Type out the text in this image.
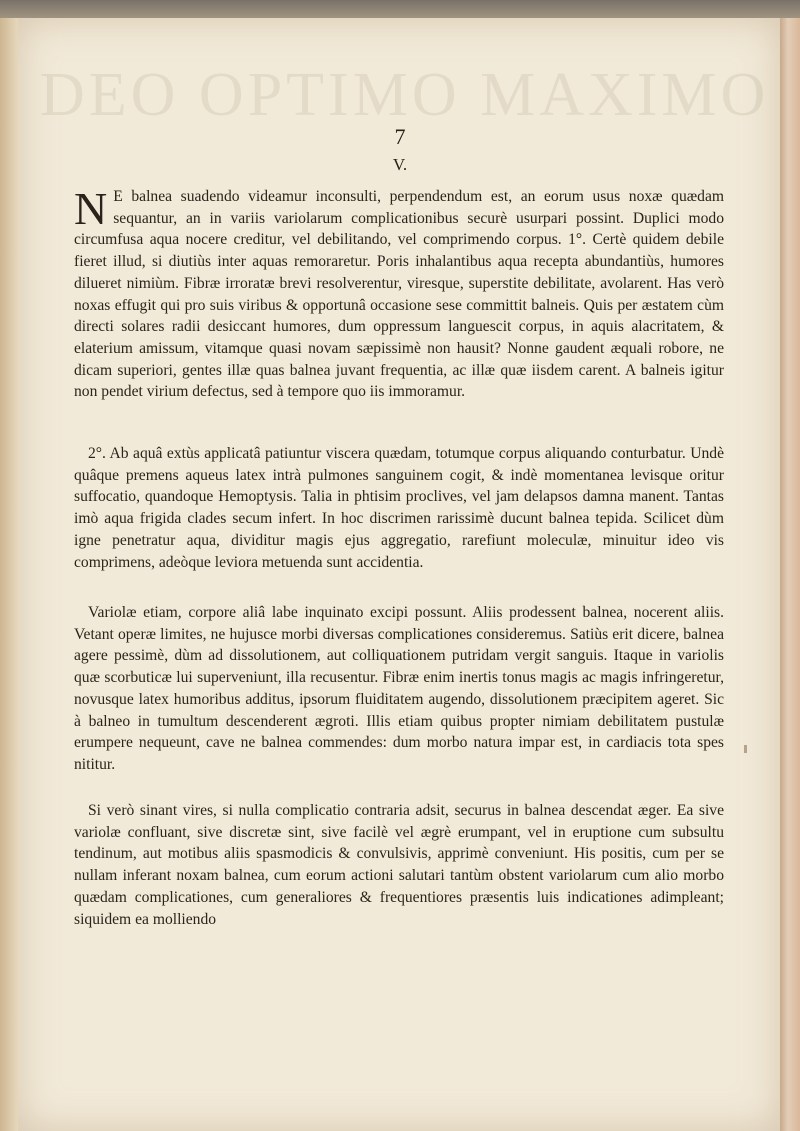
DEO OPTIMO MAXIMO
7
V.

N E balnea suadendo videamur inconsulti, perpendendum est, an eorum usus noxæ quædam sequantur, an in variis variolarum complicationibus securè usurpari possint. Duplici modo circumfusa aqua nocere creditur, vel debilitando, vel comprimendo corpus. 1°. Certè quidem debile fieret illud, si diutiùs inter aquas remoraretur. Poris inhalantibus aqua recepta abundantiùs, humores dilueret nimiùm. Fibræ irroratæ brevi resolverentur, viresque, superstite debilitate, avolarent. Has verò noxas effugit qui pro suis viribus & opportunâ occasione sese committit balneis. Quis per æstatem cùm directi solares radii desiccant humores, dum oppressum languescit corpus, in aquis alacritatem, & elaterium amissum, vitamque quasi novam sæpissimè non hausit? Nonne gaudent æquali robore, ne dicam superiori, gentes illæ quas balnea juvant frequentia, ac illæ quæ iisdem carent. A balneis igitur non pendet virium defectus, sed à tempore quo iis immoramur.

2°. Ab aquâ extùs applicatâ patiuntur viscera quædam, totumque corpus aliquando conturbatur. Undè quâque premens aqueus latex intrà pulmones sanguinem cogit, & indè momentanea levisque oritur suffocatio, quandoque Hemoptysis. Talia in phtisim proclives, vel jam delapsos damna manent. Tantas imò aqua frigida clades secum infert. In hoc discrimen rarissimè ducunt balnea tepida. Scilicet dùm igne penetratur aqua, dividitur magis ejus aggregatio, rarefiunt moleculæ, minuitur ideo vis comprimens, adeòque leviora metuenda sunt accidentia.

Variolæ etiam, corpore aliâ labe inquinato excipi possunt. Aliis prodessent balnea, nocerent aliis. Vetant operæ limites, ne hujusce morbi diversas complicationes consideremus. Satiùs erit dicere, balnea agere pessimè, dùm ad dissolutionem, aut colliquationem putridam vergit sanguis. Itaque in variolis quæ scorbuticæ lui superveniunt, illa recusentur. Fibræ enim inertis tonus magis ac magis infringeretur, novusque latex humoribus additus, ipsorum fluiditatem augendo, dissolutionem præcipitem ageret. Sic à balneo in tumultum descenderent ægroti. Illis etiam quibus propter nimiam debilitatem pustulæ erumpere nequeunt, cave ne balnea commendes: dum morbo natura impar est, in cardiacis tota spes nititur.

Si verò sinant vires, si nulla complicatio contraria adsit, securus in balnea descendat æger. Ea sive variolæ confluant, sive discretæ sint, sive facilè vel ægrè erumpant, vel in eruptione cum subsultu tendinum, aut motibus aliis spasmodicis & convulsivis, apprimè conveniunt. His positis, cum per se nullam inferant noxam balnea, cum eorum actioni salutari tantùm obstent variolarum cum alio morbo quædam complicationes, cum generaliores & frequentiores præsentis luis indicationes adimpleant; siquidem ea molliendo
